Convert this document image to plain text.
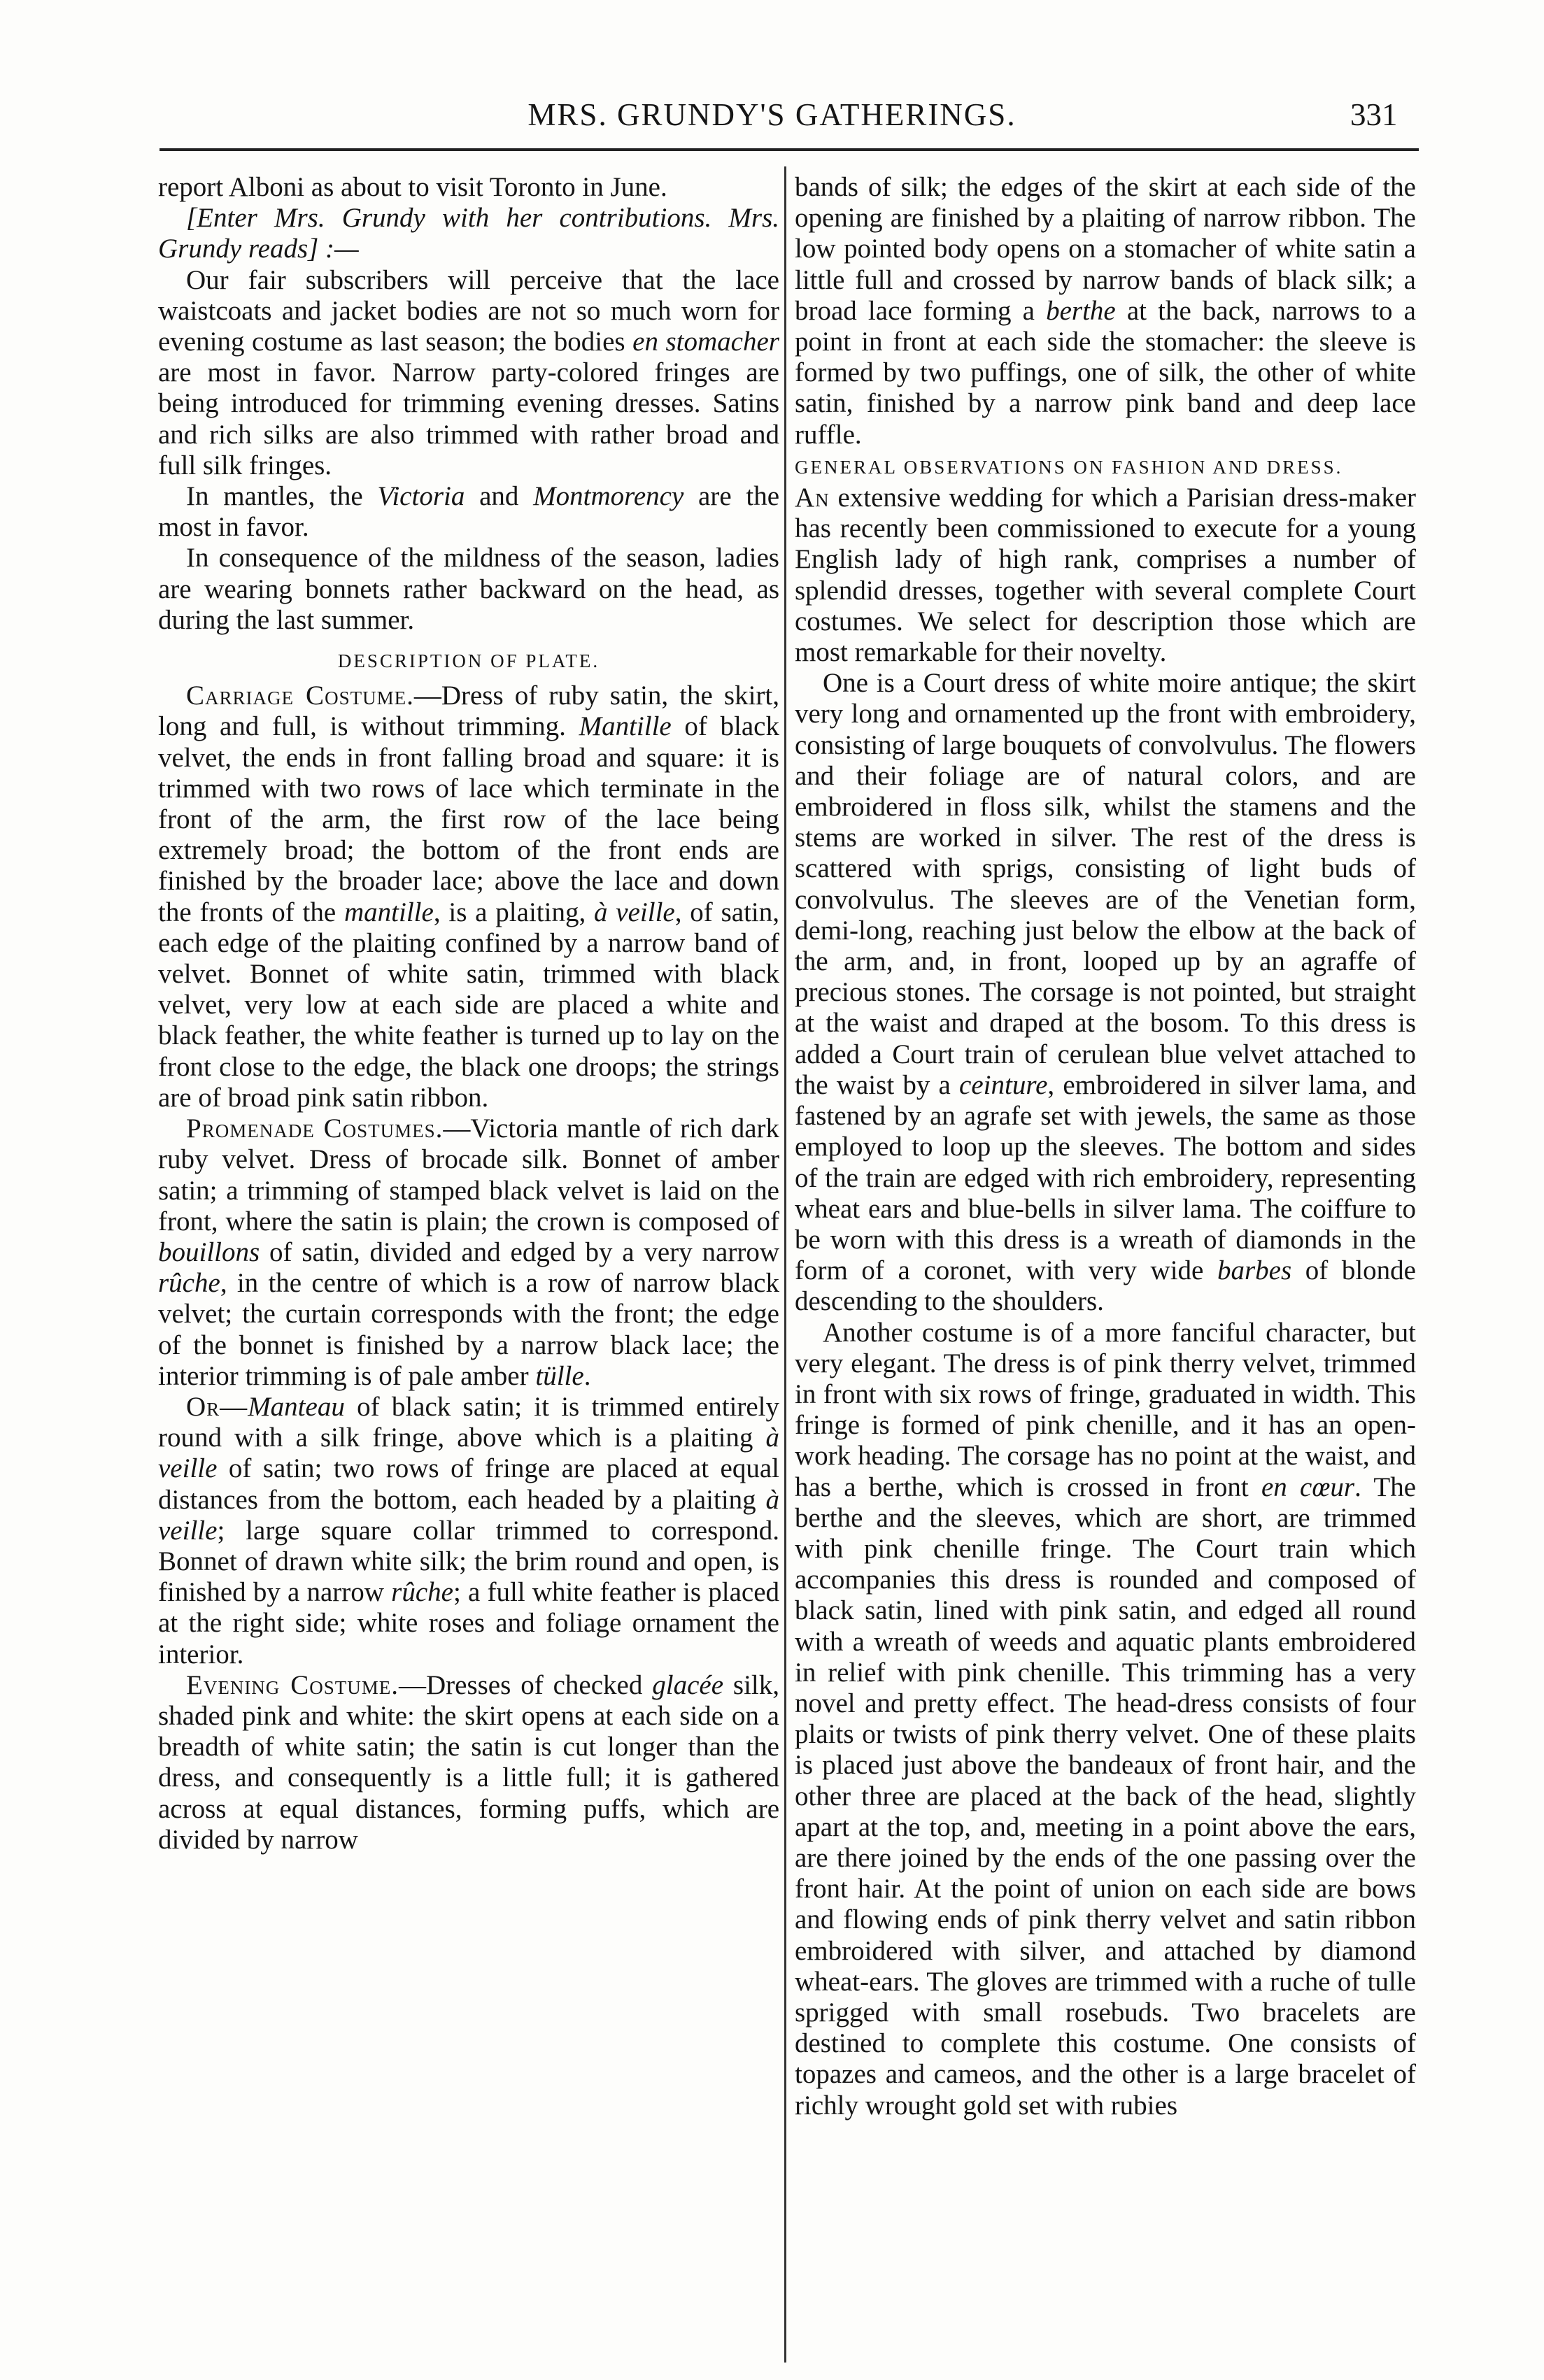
MRS. GRUNDY'S GATHERINGS.	331

report Alboni as about to visit Toronto in June.

[Enter Mrs. Grundy with her contributions. Mrs. Grundy reads] :—

Our fair subscribers will perceive that the lace waistcoats and jacket bodies are not so much worn for evening costume as last season; the bodies en stomacher are most in favor. Narrow party-colored fringes are being introduced for trimming evening dresses. Satins and rich silks are also trimmed with rather broad and full silk fringes.

In mantles, the Victoria and Montmorency are the most in favor.

In consequence of the mildness of the season, ladies are wearing bonnets rather backward on the head, as during the last summer.

DESCRIPTION OF PLATE.

Carriage Costume.—Dress of ruby satin, the skirt, long and full, is without trimming. Mantille of black velvet, the ends in front falling broad and square: it is trimmed with two rows of lace which terminate in the front of the arm, the first row of the lace being extremely broad; the bottom of the front ends are finished by the broader lace; above the lace and down the fronts of the mantille, is a plaiting, à veille, of satin, each edge of the plaiting confined by a narrow band of velvet. Bonnet of white satin, trimmed with black velvet, very low at each side are placed a white and black feather, the white feather is turned up to lay on the front close to the edge, the black one droops; the strings are of broad pink satin ribbon.

Promenade Costumes.—Victoria mantle of rich dark ruby velvet. Dress of brocade silk. Bonnet of amber satin; a trimming of stamped black velvet is laid on the front, where the satin is plain; the crown is composed of bouillons of satin, divided and edged by a very narrow rûche, in the centre of which is a row of narrow black velvet; the curtain corresponds with the front; the edge of the bonnet is finished by a narrow black lace; the interior trimming is of pale amber tülle.

Or—Manteau of black satin; it is trimmed entirely round with a silk fringe, above which is a plaiting à veille of satin; two rows of fringe are placed at equal distances from the bottom, each headed by a plaiting à veille; large square collar trimmed to correspond. Bonnet of drawn white silk; the brim round and open, is finished by a narrow rûche; a full white feather is placed at the right side; white roses and foliage ornament the interior.

Evening Costume.—Dresses of checked glacée silk, shaded pink and white: the skirt opens at each side on a breadth of white satin; the satin is cut longer than the dress, and consequently is a little full; it is gathered across at equal distances, forming puffs, which are divided by narrow

bands of silk; the edges of the skirt at each side of the opening are finished by a plaiting of narrow ribbon. The low pointed body opens on a stomacher of white satin a little full and crossed by narrow bands of black silk; a broad lace forming a berthe at the back, narrows to a point in front at each side the stomacher: the sleeve is formed by two puffings, one of silk, the other of white satin, finished by a narrow pink band and deep lace ruffle.

GENERAL OBSERVATIONS ON FASHION AND DRESS.

An extensive wedding for which a Parisian dress-maker has recently been commissioned to execute for a young English lady of high rank, comprises a number of splendid dresses, together with several complete Court costumes. We select for description those which are most remarkable for their novelty.

One is a Court dress of white moire antique; the skirt very long and ornamented up the front with embroidery, consisting of large bouquets of convolvulus. The flowers and their foliage are of natural colors, and are embroidered in floss silk, whilst the stamens and the stems are worked in silver. The rest of the dress is scattered with sprigs, consisting of light buds of convolvulus. The sleeves are of the Venetian form, demi-long, reaching just below the elbow at the back of the arm, and, in front, looped up by an agraffe of precious stones. The corsage is not pointed, but straight at the waist and draped at the bosom. To this dress is added a Court train of cerulean blue velvet attached to the waist by a ceinture, embroidered in silver lama, and fastened by an agrafe set with jewels, the same as those employed to loop up the sleeves. The bottom and sides of the train are edged with rich embroidery, representing wheat ears and blue-bells in silver lama. The coiffure to be worn with this dress is a wreath of diamonds in the form of a coronet, with very wide barbes of blonde descending to the shoulders.

Another costume is of a more fanciful character, but very elegant. The dress is of pink therry velvet, trimmed in front with six rows of fringe, graduated in width. This fringe is formed of pink chenille, and it has an open-work heading. The corsage has no point at the waist, and has a berthe, which is crossed in front en cœur. The berthe and the sleeves, which are short, are trimmed with pink chenille fringe. The Court train which accompanies this dress is rounded and composed of black satin, lined with pink satin, and edged all round with a wreath of weeds and aquatic plants embroidered in relief with pink chenille. This trimming has a very novel and pretty effect. The head-dress consists of four plaits or twists of pink therry velvet. One of these plaits is placed just above the bandeaux of front hair, and the other three are placed at the back of the head, slightly apart at the top, and, meeting in a point above the ears, are there joined by the ends of the one passing over the front hair. At the point of union on each side are bows and flowing ends of pink therry velvet and satin ribbon embroidered with silver, and attached by diamond wheat-ears. The gloves are trimmed with a ruche of tulle sprigged with small rosebuds. Two bracelets are destined to complete this costume. One consists of topazes and cameos, and the other is a large bracelet of richly wrought gold set with rubies
